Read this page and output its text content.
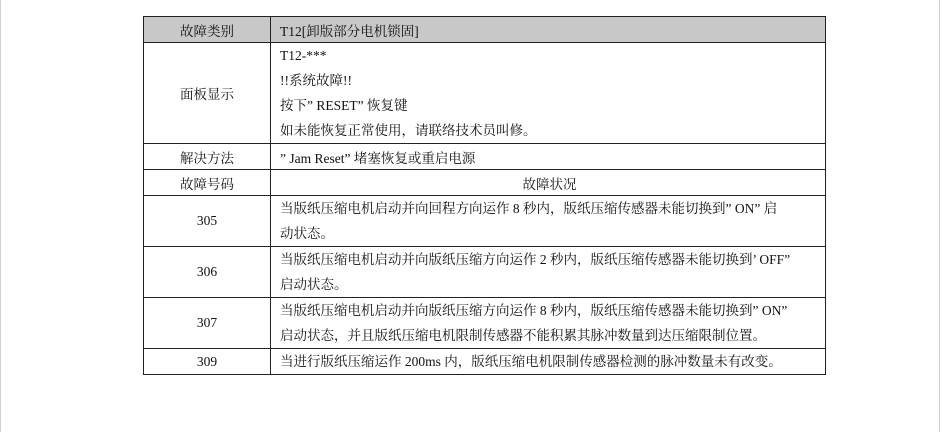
故障类别	T12[卸版部分电机锁固]
面板显示	T12-***
!!系统故障!!
按下” RESET” 恢复键
如未能恢复正常使用，请联络技术员叫修。

解决方法	” Jam Reset” 堵塞恢复或重启电源
故障号码	故障状况
305	当版纸压缩电机启动并向回程方向运作 8 秒内，版纸压缩传感器未能切换到” ON” 启
动状态。

306	当版纸压缩电机启动并向版纸压缩方向运作 2 秒内，版纸压缩传感器未能切换到’ OFF”
启动状态。

307	当版纸压缩电机启动并向版纸压缩方向运作 8 秒内，版纸压缩传感器未能切换到” ON”
启动状态，并且版纸压缩电机限制传感器不能积累其脉冲数量到达压缩限制位置。

309	当进行版纸压缩运作 200ms 内，版纸压缩电机限制传感器检测的脉冲数量未有改变。
